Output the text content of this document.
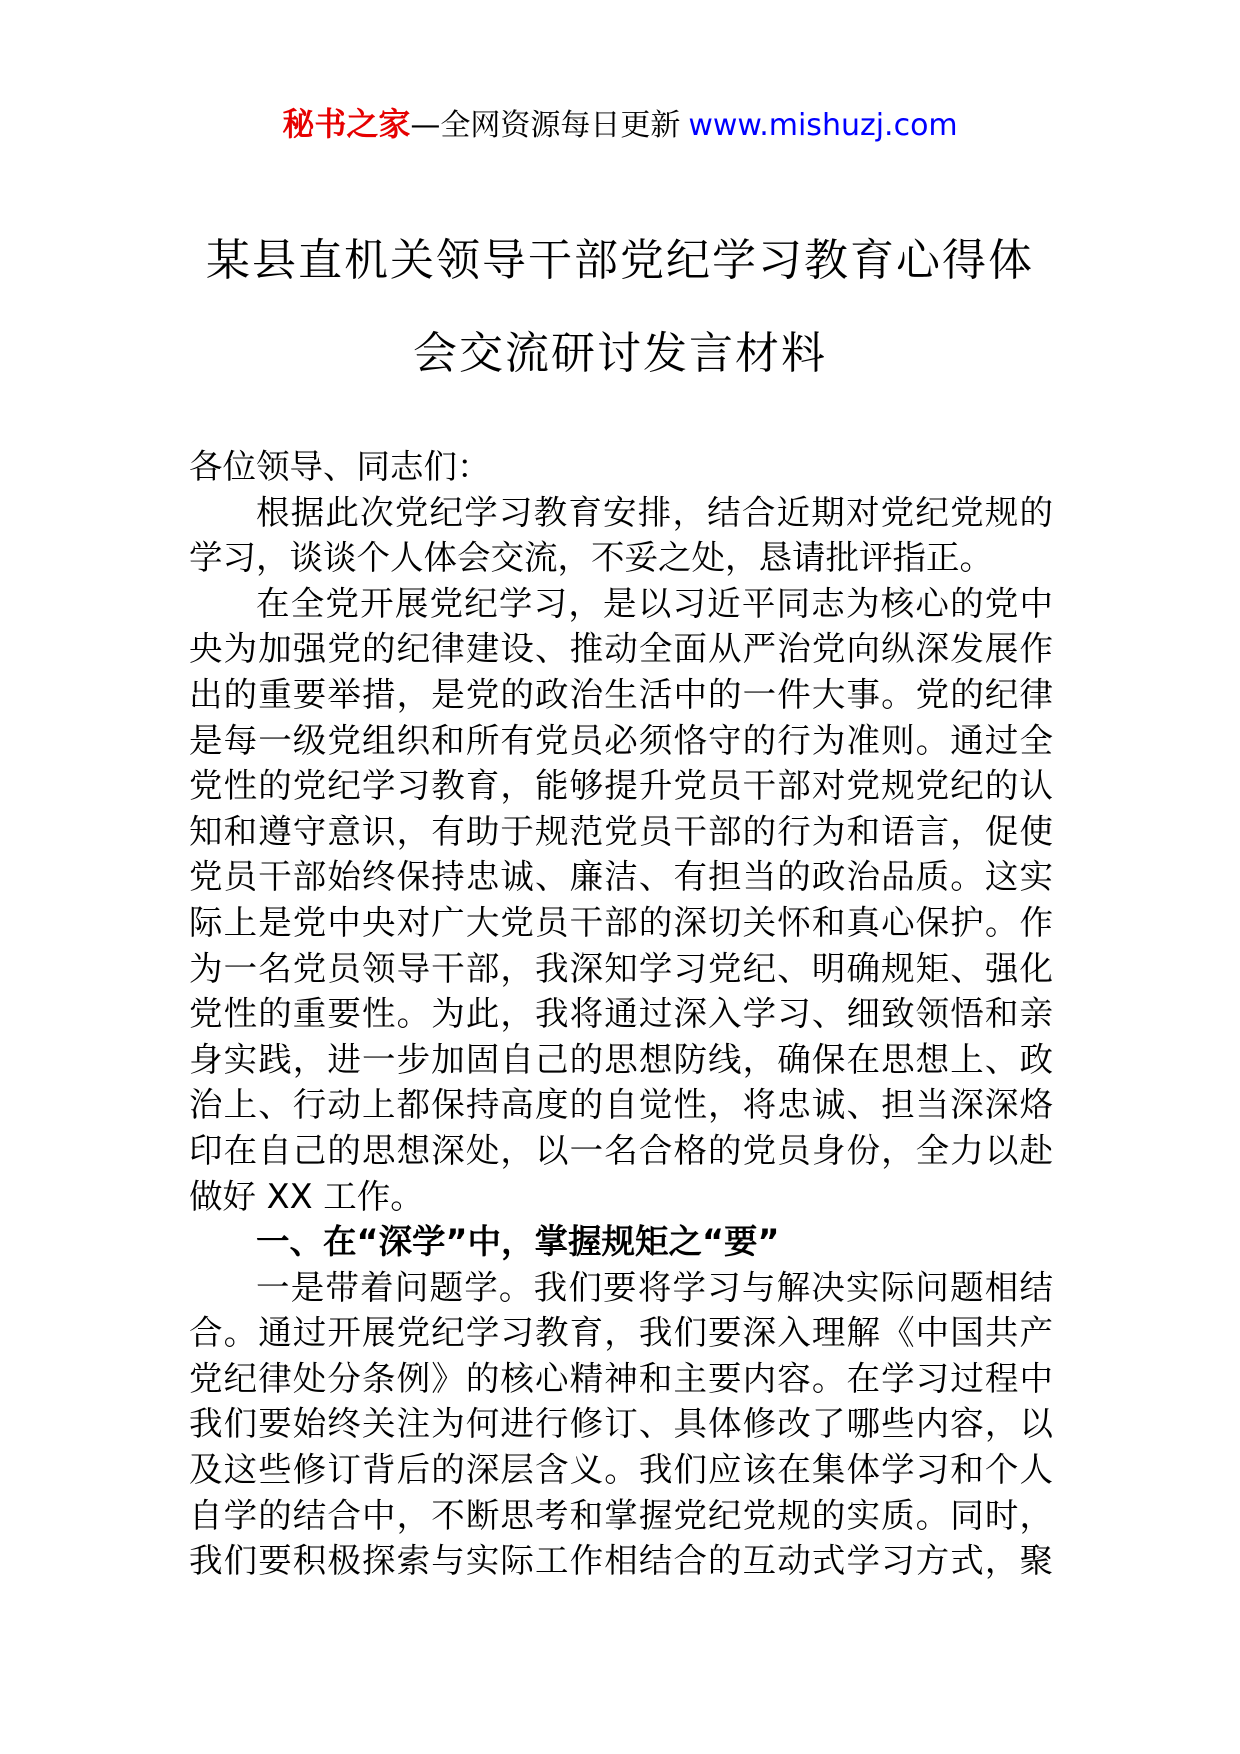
秘书之家—全网资源每日更新 www.mishuzj.com
某县直机关领导干部党纪学习教育心得体
会交流研讨发言材料
各位领导、同志们：
根据此次党纪学习教育安排，结合近期对党纪党规的
学习，谈谈个人体会交流，不妥之处，恳请批评指正。
在全党开展党纪学习，是以习近平同志为核心的党中
央为加强党的纪律建设、推动全面从严治党向纵深发展作
出的重要举措，是党的政治生活中的一件大事。党的纪律
是每一级党组织和所有党员必须恪守的行为准则。通过全
党性的党纪学习教育，能够提升党员干部对党规党纪的认
知和遵守意识，有助于规范党员干部的行为和语言，促使
党员干部始终保持忠诚、廉洁、有担当的政治品质。这实
际上是党中央对广大党员干部的深切关怀和真心保护。作
为一名党员领导干部，我深知学习党纪、明确规矩、强化
党性的重要性。为此，我将通过深入学习、细致领悟和亲
身实践，进一步加固自己的思想防线，确保在思想上、政
治上、行动上都保持高度的自觉性，将忠诚、担当深深烙
印在自己的思想深处，以一名合格的党员身份，全力以赴
做好 XX 工作。
一、在“深学”中，掌握规矩之“要”
一是带着问题学。我们要将学习与解决实际问题相结
合。通过开展党纪学习教育，我们要深入理解《中国共产
党纪律处分条例》的核心精神和主要内容。在学习过程中
我们要始终关注为何进行修订、具体修改了哪些内容，以
及这些修订背后的深层含义。我们应该在集体学习和个人
自学的结合中，不断思考和掌握党纪党规的实质。同时，
我们要积极探索与实际工作相结合的互动式学习方式，聚
